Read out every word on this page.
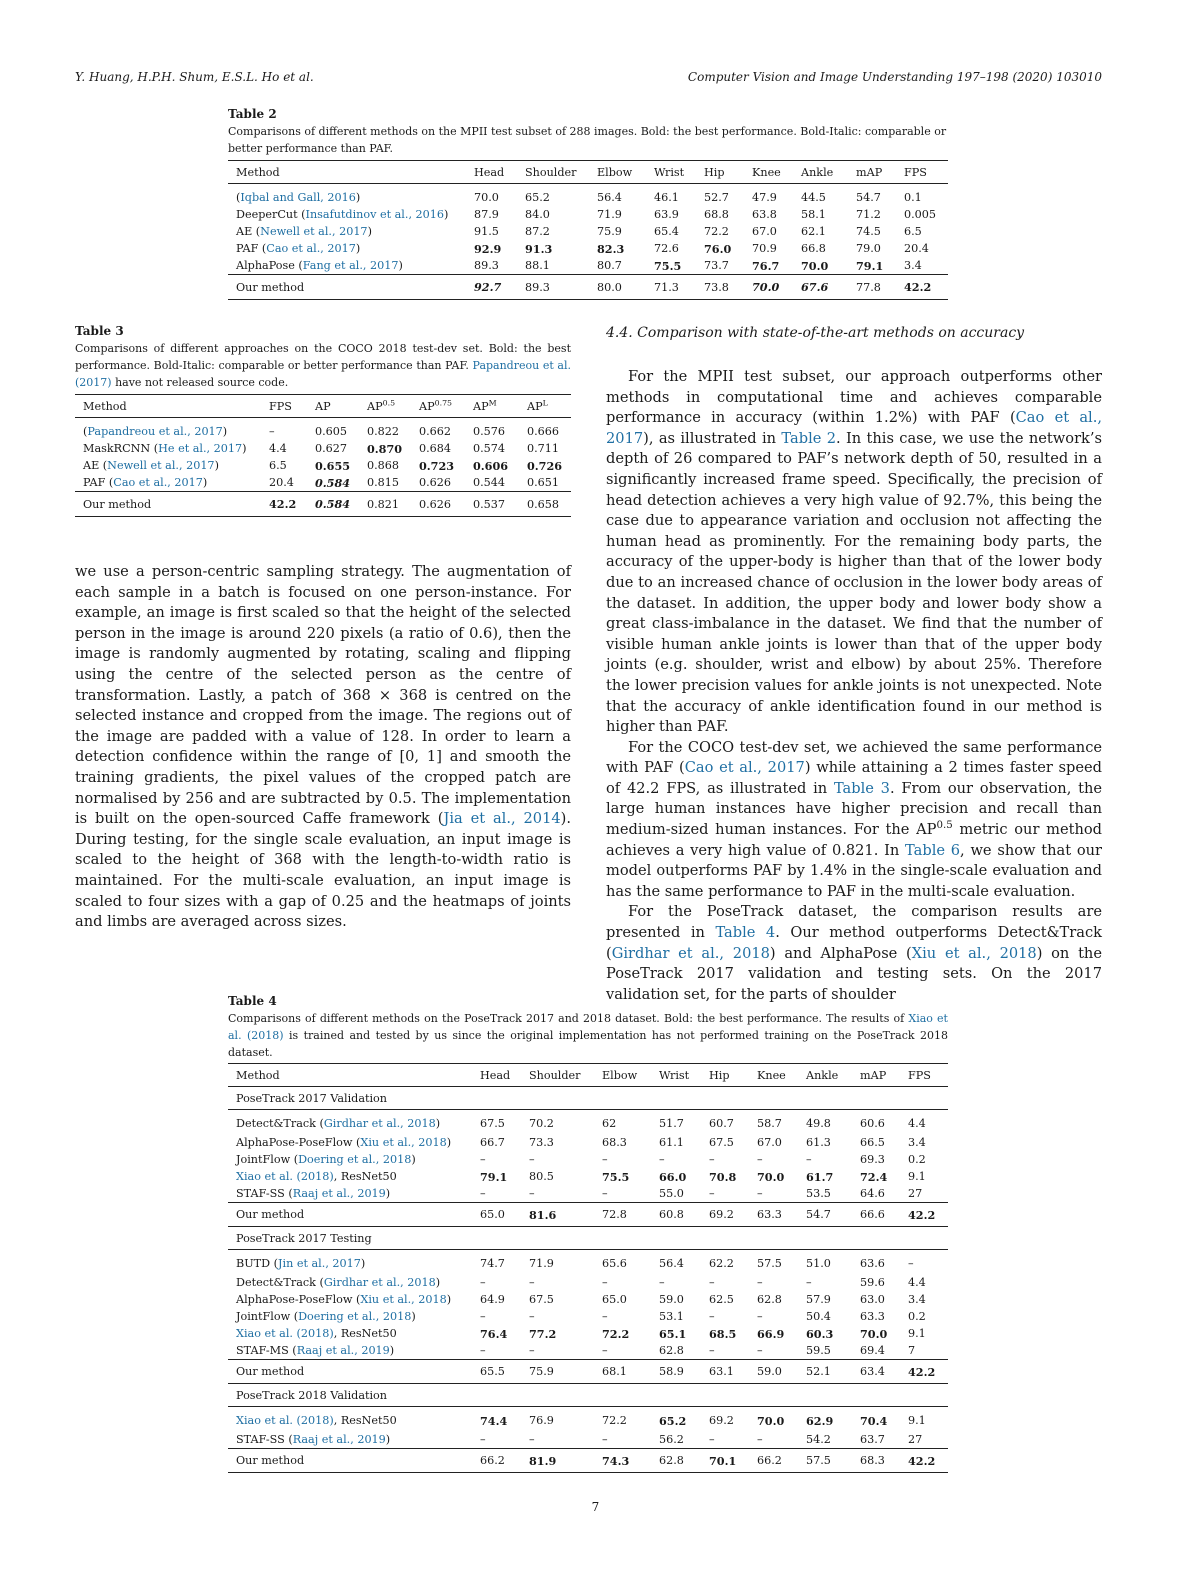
Y. Huang, H.P.H. Shum, E.S.L. Ho et al.	Computer Vision and Image Understanding 197–198 (2020) 103010
Table 2
Comparisons of different methods on the MPII test subset of 288 images. Bold: the best performance. Bold-Italic: comparable or better performance than PAF.
Method	Head	Shoulder	Elbow	Wrist	Hip	Knee	Ankle	mAP	FPS
(Iqbal and Gall, 2016)	70.0	65.2	56.4	46.1	52.7	47.9	44.5	54.7	0.1
DeeperCut (Insafutdinov et al., 2016)	87.9	84.0	71.9	63.9	68.8	63.8	58.1	71.2	0.005
AE (Newell et al., 2017)	91.5	87.2	75.9	65.4	72.2	67.0	62.1	74.5	6.5
PAF (Cao et al., 2017)	92.9	91.3	82.3	72.6	76.0	70.9	66.8	79.0	20.4
AlphaPose (Fang et al., 2017)	89.3	88.1	80.7	75.5	73.7	76.7	70.0	79.1	3.4
Our method	92.7	89.3	80.0	71.3	73.8	70.0	67.6	77.8	42.2
Table 3
Comparisons of different approaches on the COCO 2018 test-dev set. Bold: the best performance. Bold-Italic: comparable or better performance than PAF. Papandreou et al. (2017) have not released source code.
Method	FPS	AP	$AP^{0.5}$	$AP^{0.75}$	$AP^M$	$AP^L$
(Papandreou et al., 2017)	–	0.605	0.822	0.662	0.576	0.666
MaskRCNN (He et al., 2017)	4.4	0.627	0.870	0.684	0.574	0.711
AE (Newell et al., 2017)	6.5	0.655	0.868	0.723	0.606	0.726
PAF (Cao et al., 2017)	20.4	0.584	0.815	0.626	0.544	0.651
Our method	42.2	0.584	0.821	0.626	0.537	0.658

we use a person-centric sampling strategy. The augmentation of each sample in a batch is focused on one person-instance. For example, an image is first scaled so that the height of the selected person in the image is around 220 pixels (a ratio of 0.6), then the image is randomly augmented by rotating, scaling and flipping using the centre of the selected person as the centre of transformation. Lastly, a patch of 368 × 368 is centred on the selected instance and cropped from the image. The regions out of the image are padded with a value of 128. In order to learn a detection confidence within the range of [0, 1] and smooth the training gradients, the pixel values of the cropped patch are normalised by 256 and are subtracted by 0.5. The implementation is built on the open-sourced Caffe framework (Jia et al., 2014). During testing, for the single scale evaluation, an input image is scaled to the height of 368 with the length-to-width ratio is maintained. For the multi-scale evaluation, an input image is scaled to four sizes with a gap of 0.25 and the heatmaps of joints and limbs are averaged across sizes.

4.4. Comparison with state-of-the-art methods on accuracy

For the MPII test subset, our approach outperforms other methods in computational time and achieves comparable performance in accuracy (within 1.2%) with PAF (Cao et al., 2017), as illustrated in Table 2. In this case, we use the network’s depth of 26 compared to PAF’s network depth of 50, resulted in a significantly increased frame speed. Specifically, the precision of head detection achieves a very high value of 92.7%, this being the case due to appearance variation and occlusion not affecting the human head as prominently. For the remaining body parts, the accuracy of the upper-body is higher than that of the lower body due to an increased chance of occlusion in the lower body areas of the dataset. In addition, the upper body and lower body show a great class-imbalance in the dataset. We find that the number of visible human ankle joints is lower than that of the upper body joints (e.g. shoulder, wrist and elbow) by about 25%. Therefore the lower precision values for ankle joints is not unexpected. Note that the accuracy of ankle identification found in our method is higher than PAF.

For the COCO test-dev set, we achieved the same performance with PAF (Cao et al., 2017) while attaining a 2 times faster speed of 42.2 FPS, as illustrated in Table 3. From our observation, the large human instances have higher precision and recall than medium-sized human instances. For the $AP^{0.5}$ metric our method achieves a very high value of 0.821. In Table 6, we show that our model outperforms PAF by 1.4% in the single-scale evaluation and has the same performance to PAF in the multi-scale evaluation.

For the PoseTrack dataset, the comparison results are presented in Table 4. Our method outperforms Detect&Track (Girdhar et al., 2018) and AlphaPose (Xiu et al., 2018) on the PoseTrack 2017 validation and testing sets. On the 2017 validation set, for the parts of shoulder

Table 4
Comparisons of different methods on the PoseTrack 2017 and 2018 dataset. Bold: the best performance. The results of Xiao et al. (2018) is trained and tested by us since the original implementation has not performed training on the PoseTrack 2018 dataset.
Method	Head	Shoulder	Elbow	Wrist	Hip	Knee	Ankle	mAP	FPS
PoseTrack 2017 Validation									
Detect&Track (Girdhar et al., 2018)	67.5	70.2	62	51.7	60.7	58.7	49.8	60.6	4.4
AlphaPose-PoseFlow (Xiu et al., 2018)	66.7	73.3	68.3	61.1	67.5	67.0	61.3	66.5	3.4
JointFlow (Doering et al., 2018)	–	–	–	–	–	–	–	69.3	0.2
Xiao et al. (2018), ResNet50	79.1	80.5	75.5	66.0	70.8	70.0	61.7	72.4	9.1
STAF-SS (Raaj et al., 2019)	–	–	–	55.0	–	–	53.5	64.6	27
Our method	65.0	81.6	72.8	60.8	69.2	63.3	54.7	66.6	42.2
PoseTrack 2017 Testing									
BUTD (Jin et al., 2017)	74.7	71.9	65.6	56.4	62.2	57.5	51.0	63.6	–
Detect&Track (Girdhar et al., 2018)	–	–	–	–	–	–	–	59.6	4.4
AlphaPose-PoseFlow (Xiu et al., 2018)	64.9	67.5	65.0	59.0	62.5	62.8	57.9	63.0	3.4
JointFlow (Doering et al., 2018)	–	–	–	53.1	–	–	50.4	63.3	0.2
Xiao et al. (2018), ResNet50	76.4	77.2	72.2	65.1	68.5	66.9	60.3	70.0	9.1
STAF-MS (Raaj et al., 2019)	–	–	–	62.8	–	–	59.5	69.4	7
Our method	65.5	75.9	68.1	58.9	63.1	59.0	52.1	63.4	42.2
PoseTrack 2018 Validation									
Xiao et al. (2018), ResNet50	74.4	76.9	72.2	65.2	69.2	70.0	62.9	70.4	9.1
STAF-SS (Raaj et al., 2019)	–	–	–	56.2	–	–	54.2	63.7	27
Our method	66.2	81.9	74.3	62.8	70.1	66.2	57.5	68.3	42.2
7
